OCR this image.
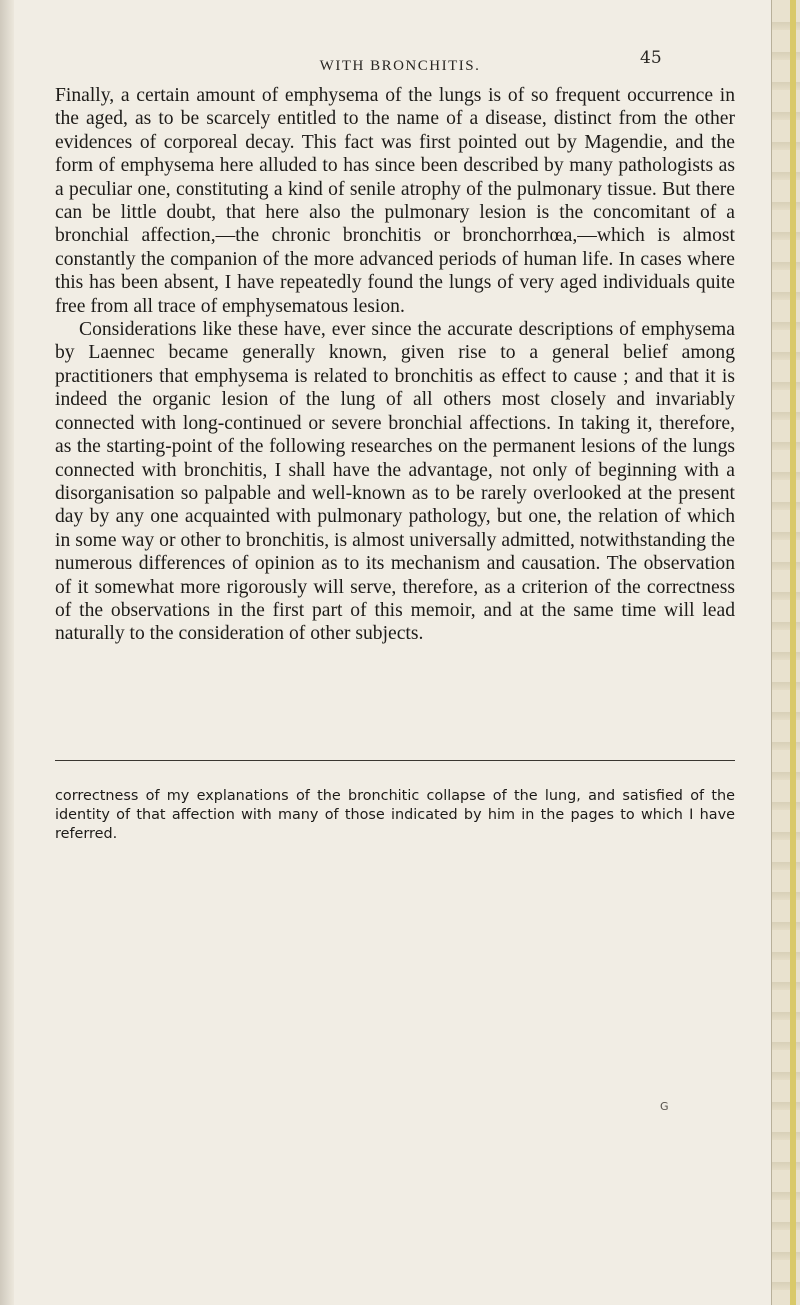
WITH BRONCHITIS.	45

Finally, a certain amount of emphysema of the lungs is of so frequent occurrence in the aged, as to be scarcely entitled to the name of a disease, distinct from the other evidences of corporeal decay. This fact was first pointed out by Magendie, and the form of emphysema here alluded to has since been described by many pathologists as a peculiar one, constituting a kind of senile atrophy of the pulmonary tissue. But there can be little doubt, that here also the pulmonary lesion is the concomitant of a bronchial affection,—the chronic bronchitis or bronchorrhœa,—which is almost constantly the companion of the more advanced periods of human life. In cases where this has been absent, I have repeatedly found the lungs of very aged individuals quite free from all trace of emphysematous lesion.

Considerations like these have, ever since the accurate descriptions of emphysema by Laennec became generally known, given rise to a general belief among practitioners that emphysema is related to bronchitis as effect to cause ; and that it is indeed the organic lesion of the lung of all others most closely and invariably connected with long-continued or severe bronchial affections. In taking it, therefore, as the starting-point of the following researches on the permanent lesions of the lungs connected with bronchitis, I shall have the advantage, not only of beginning with a disorganisation so palpable and well-known as to be rarely overlooked at the present day by any one acquainted with pulmonary pathology, but one, the relation of which in some way or other to bronchitis, is almost universally admitted, notwithstanding the numerous differences of opinion as to its mechanism and causation. The observation of it somewhat more rigorously will serve, therefore, as a criterion of the correctness of the observations in the first part of this memoir, and at the same time will lead naturally to the consideration of other subjects.

correctness of my explanations of the bronchitic collapse of the lung, and satisfied of the identity of that affection with many of those indicated by him in the pages to which I have referred.
G
